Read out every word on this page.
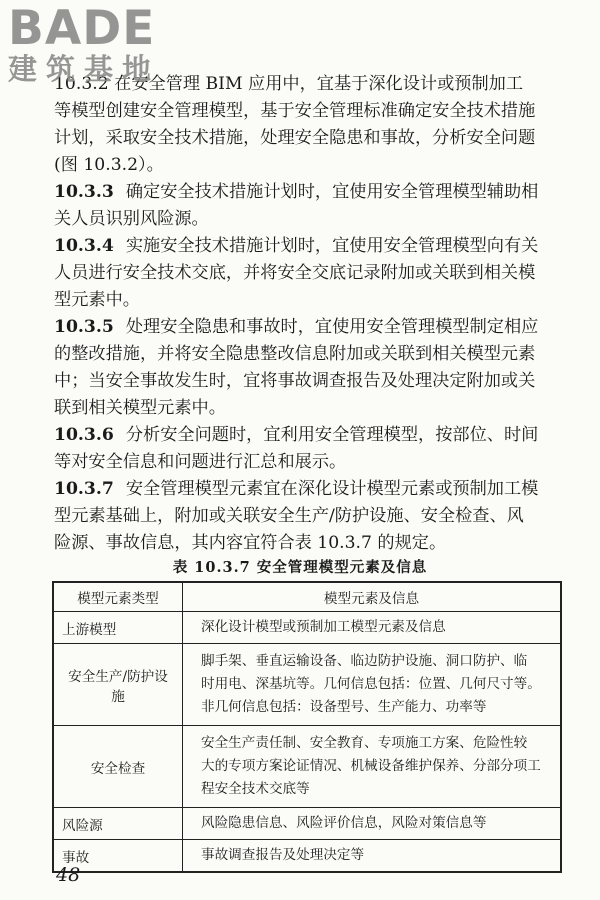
BADE
建筑基地
10.3.2 在安全管理 BIM 应用中，宜基于深化设计或预制加工
等模型创建安全管理模型，基于安全管理标准确定安全技术措施
计划，采取安全技术措施，处理安全隐患和事故，分析安全问题
(图 10.3.2）。
10.3.3 确定安全技术措施计划时，宜使用安全管理模型辅助相
关人员识别风险源。
10.3.4 实施安全技术措施计划时，宜使用安全管理模型向有关
人员进行安全技术交底，并将安全交底记录附加或关联到相关模
型元素中。
10.3.5 处理安全隐患和事故时，宜使用安全管理模型制定相应
的整改措施，并将安全隐患整改信息附加或关联到相关模型元素
中；当安全事故发生时，宜将事故调查报告及处理决定附加或关
联到相关模型元素中。
10.3.6 分析安全问题时，宜利用安全管理模型，按部位、时间
等对安全信息和问题进行汇总和展示。
10.3.7 安全管理模型元素宜在深化设计模型元素或预制加工模
型元素基础上，附加或关联安全生产/防护设施、安全检查、风
险源、事故信息，其内容宜符合表 10.3.7 的规定。
表 10.3.7 安全管理模型元素及信息
模型元素类型	模型元素及信息
上游模型	深化设计模型或预制加工模型元素及信息

安全生产/防护设施	脚手架、垂直运输设备、临边防护设施、洞口防护、临
时用电、深基坑等。几何信息包括：位置、几何尺寸等。
非几何信息包括：设备型号、生产能力、功率等

安全检查	安全生产责任制、安全教育、专项施工方案、危险性较
大的专项方案论证情况、机械设备维护保养、分部分项工
程安全技术交底等

风险源	风险隐患信息、风险评价信息，风险对策信息等

事故	事故调查报告及处理决定等
48
